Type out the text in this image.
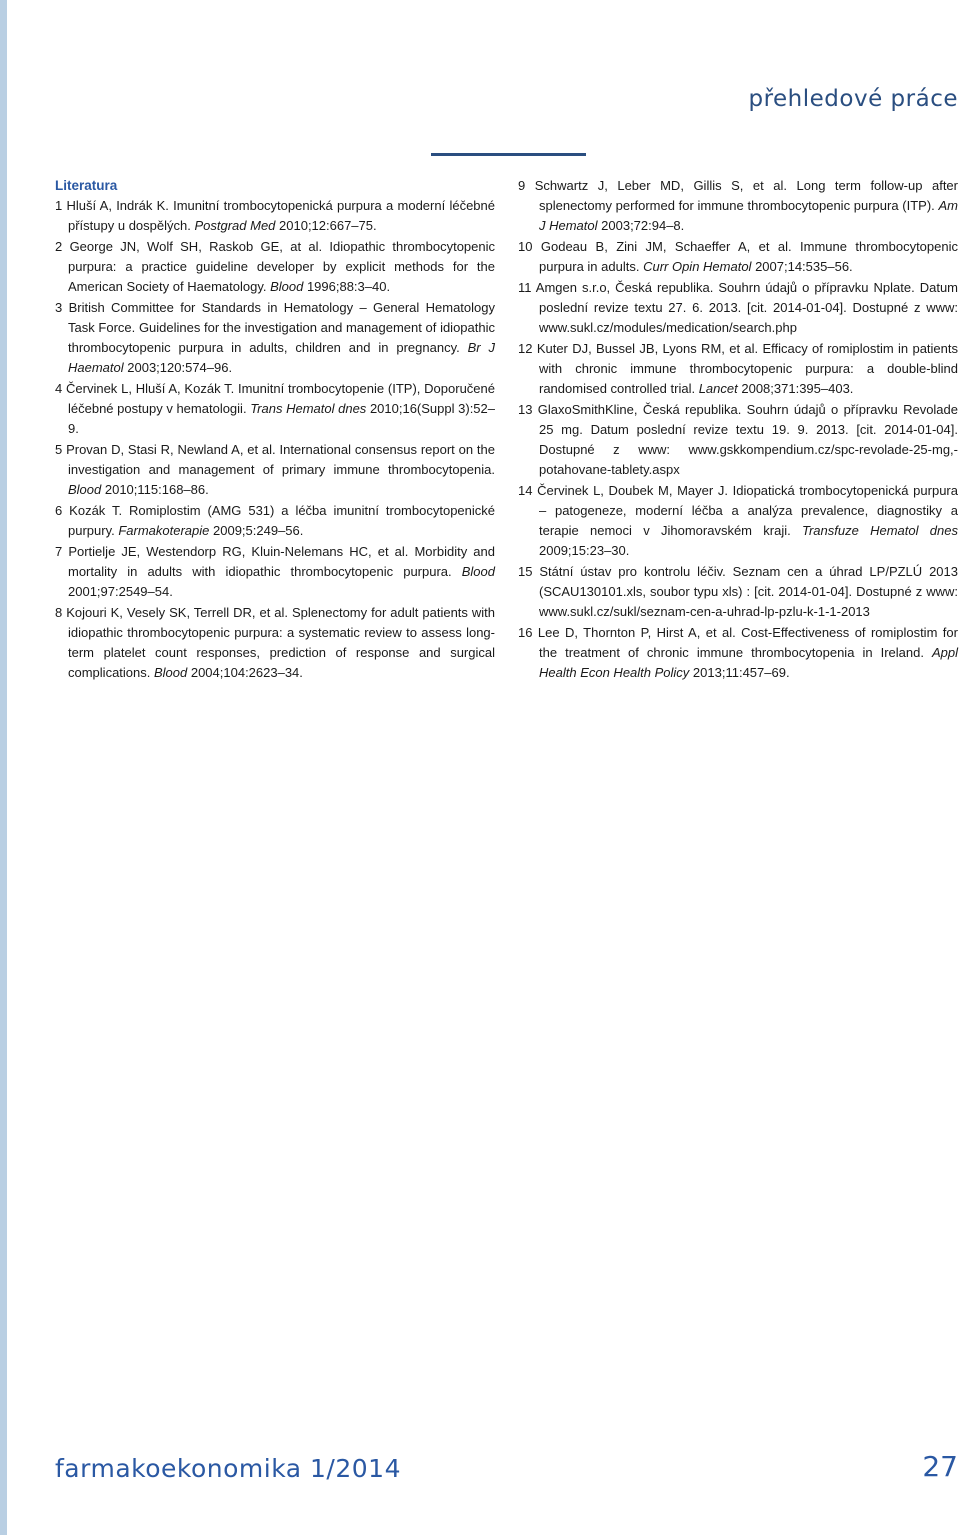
přehledové práce
Literatura

1 Hluší A, Indrák K. Imunitní trombocytopenická purpura a moderní léčebné přístupy u dospělých. Postgrad Med 2010;12:667‒75.

2 George JN, Wolf SH, Raskob GE, at al. Idiopathic thrombocytopenic purpura: a practice guideline developer by explicit methods for the American Society of Haematology. Blood 1996;88:3‒40.

3 British Committee for Standards in Hematology ‒ General Hematology Task Force. Guidelines for the investigation and management of idiopathic thrombocytopenic purpura in adults, children and in pregnancy. Br J Haematol 2003;120:574‒96.

4 Červinek L, Hluší A, Kozák T. Imunitní trombocytopenie (ITP), Doporučené léčebné postupy v hematologii. Trans Hematol dnes 2010;16(Suppl 3):52‒9.

5 Provan D, Stasi R, Newland A, et al. International consensus report on the investigation and management of primary immune thrombocytopenia. Blood 2010;115:168‒86.

6 Kozák T. Romiplostim (AMG 531) a léčba imunitní trombocytopenické purpury. Farmakoterapie 2009;5:249‒56.

7 Portielje JE, Westendorp RG, Kluin-Nelemans HC, et al. Morbidity and mortality in adults with idiopathic thrombocytopenic purpura. Blood 2001;97:2549‒54.

8 Kojouri K, Vesely SK, Terrell DR, et al. Splenectomy for adult patients with idiopathic thrombocytopenic purpura: a systematic review to assess long-term platelet count responses, prediction of response and surgical complications. Blood 2004;104:2623‒34.

9 Schwartz J, Leber MD, Gillis S, et al. Long term follow-up after splenectomy performed for immune thrombocytopenic purpura (ITP). Am J Hematol 2003;72:94‒8.

10 Godeau B, Zini JM, Schaeffer A, et al. Immune thrombocytopenic purpura in adults. Curr Opin Hematol 2007;14:535‒56.

11 Amgen s.r.o, Česká republika. Souhrn údajů o přípravku Nplate. Datum poslední revize textu 27. 6. 2013. [cit. 2014-01-04]. Dostupné z www: www.sukl.cz/modules/medication/search.php

12 Kuter DJ, Bussel JB, Lyons RM, et al. Efficacy of romiplostim in patients with chronic immune thrombocytopenic purpura: a double-blind randomised controlled trial. Lancet 2008;371:395‒403.

13 GlaxoSmithKline, Česká republika. Souhrn údajů o přípravku Revolade 25 mg. Datum poslední revize textu 19. 9. 2013. [cit. 2014-01-04]. Dostupné z www: www.gskkompendium.cz/spc-revolade-25-mg,-potahovane-tablety.aspx

14 Červinek L, Doubek M, Mayer J. Idiopatická trombocytopenická purpura ‒ patogeneze, moderní léčba a analýza prevalence, diagnostiky a terapie nemoci v Jihomoravském kraji. Transfuze Hematol dnes 2009;15:23‒30.

15 Státní ústav pro kontrolu léčiv. Seznam cen a úhrad LP/PZLÚ 2013 (SCAU130101.xls, soubor typu xls) : [cit. 2014-01-04]. Dostupné z www: www.sukl.cz/sukl/seznam-cen-a-uhrad-lp-pzlu-k-1-1-2013

16 Lee D, Thornton P, Hirst A, et al. Cost-Effectiveness of romiplostim for the treatment of chronic immune thrombocytopenia in Ireland. Appl Health Econ Health Policy 2013;11:457‒69.

farmakoekonomika 1/2014	27
